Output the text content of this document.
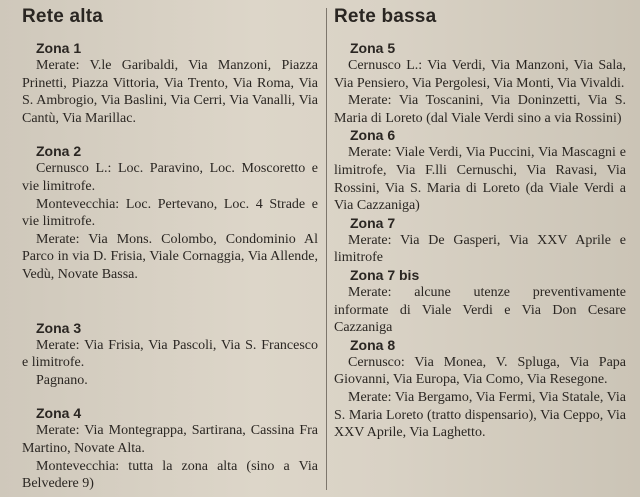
Rete alta
Zona 1

Merate: V.le Garibaldi, Via Manzoni, Piazza Prinetti, Piazza Vittoria, Via Trento, Via Roma, Via S. Ambrogio, Via Baslini, Via Cerri, Via Vanalli, Via Cantù, Via Marillac.

Zona 2

Cernusco L.: Loc. Paravino, Loc. Moscoretto e vie limitrofe.

Montevecchia: Loc. Pertevano, Loc. 4 Strade e vie limitrofe.

Merate: Via Mons. Colombo, Condominio Al Parco in via D. Frisia, Viale Cornaggia, Via Allende, Vedù, Novate Bassa.

Zona 3

Merate: Via Frisia, Via Pascoli, Via S. Francesco e limitrofe.

Pagnano.

Zona 4

Merate: Via Montegrappa, Sartirana, Cassina Fra Martino, Novate Alta.

Montevecchia: tutta la zona alta (sino a Via Belvedere 9)

Rete bassa
Zona 5

Cernusco L.: Via Verdi, Via Manzoni, Via Sala, Via Pensiero, Via Pergolesi, Via Monti, Via Vivaldi.

Merate: Via Toscanini, Via Doninzetti, Via S. Maria di Loreto (dal Viale Verdi sino a via Rossini)

Zona 6

Merate: Viale Verdi, Via Puccini, Via Mascagni e limitrofe, Via F.lli Cernuschi, Via Ravasi, Via Rossini, Via S. Maria di Loreto (da Viale Verdi a Via Cazzaniga)

Zona 7

Merate: Via De Gasperi, Via XXV Aprile e limitrofe

Zona 7 bis

Merate: alcune utenze preventivamente informate di Viale Verdi e Via Don Cesare Cazzaniga

Zona 8

Cernusco: Via Monea, V. Spluga, Via Papa Giovanni, Via Europa, Via Como, Via Resegone.

Merate: Via Bergamo, Via Fermi, Via Statale, Via S. Maria Loreto (tratto dispensario), Via Ceppo, Via XXV Aprile, Via Laghetto.
